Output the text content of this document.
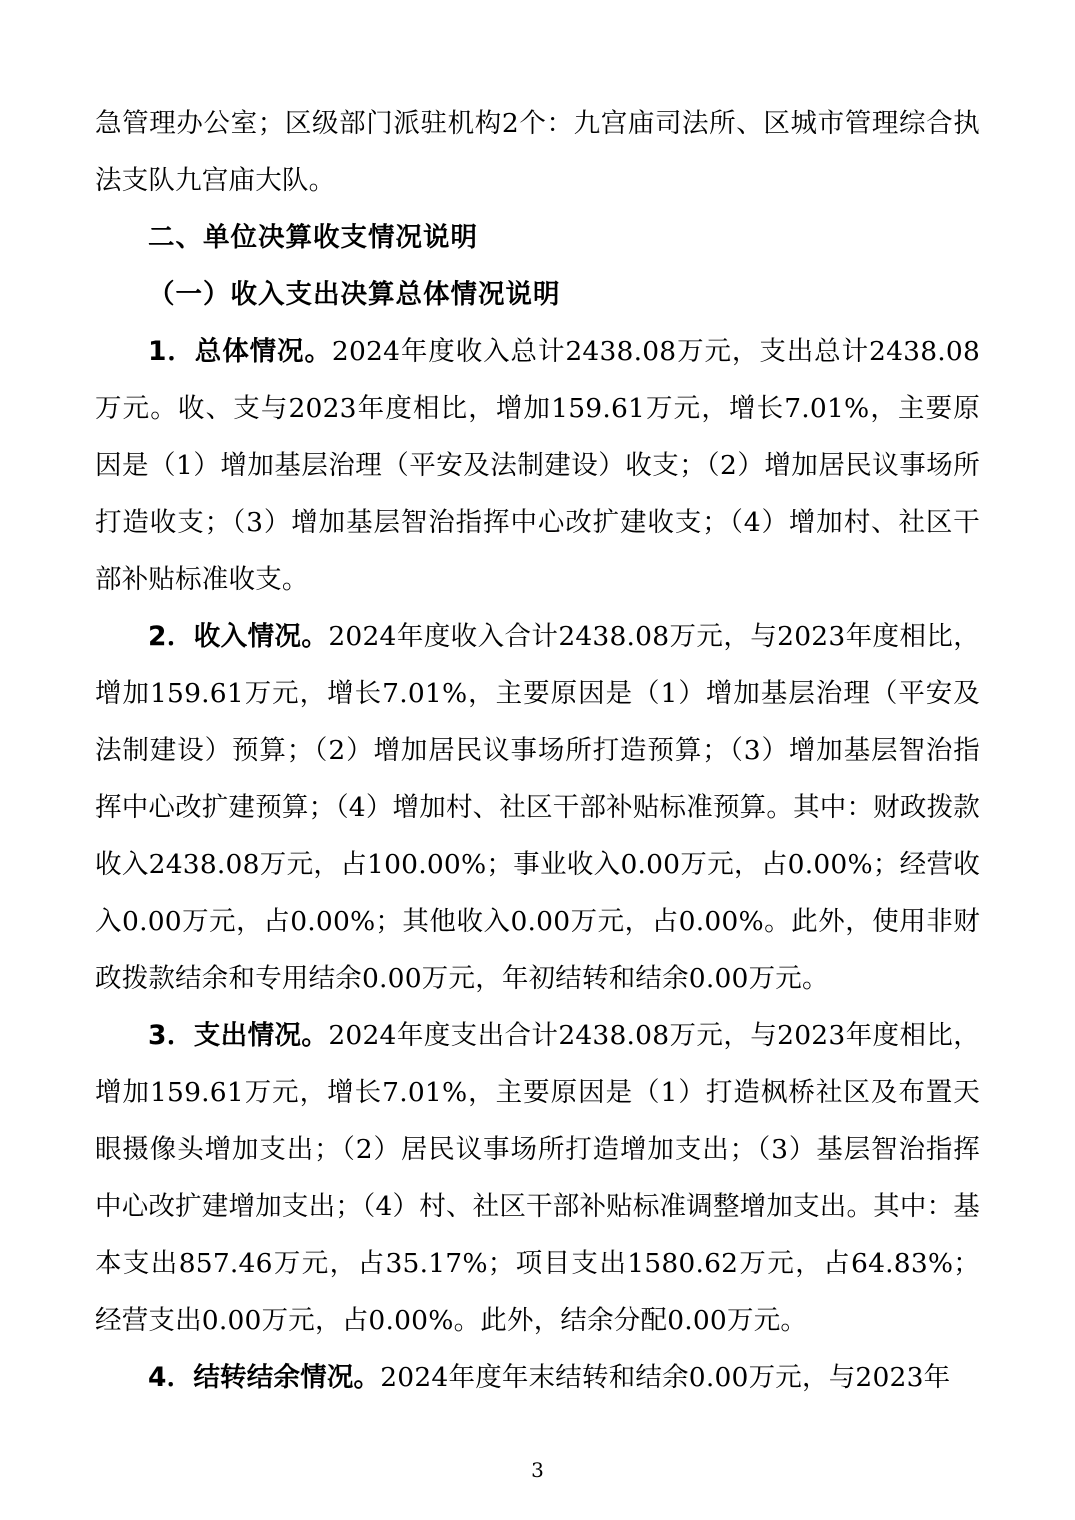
急管理办公室；区级部门派驻机构2个：九宫庙司法所、区城市管理综合执法支队九宫庙大队。

二、单位决算收支情况说明

（一）收入支出决算总体情况说明

1．总体情况。2024年度收入总计2438.08万元，支出总计2438.08万元。收、支与2023年度相比，增加159.61万元，增长7.01%，主要原因是（1）增加基层治理（平安及法制建设）收支；（2）增加居民议事场所打造收支；（3）增加基层智治指挥中心改扩建收支；（4）增加村、社区干部补贴标准收支。

2．收入情况。2024年度收入合计2438.08万元，与2023年度相比，增加159.61万元，增长7.01%，主要原因是（1）增加基层治理（平安及法制建设）预算；（2）增加居民议事场所打造预算；（3）增加基层智治指挥中心改扩建预算；（4）增加村、社区干部补贴标准预算。其中：财政拨款收入2438.08万元，占100.00%；事业收入0.00万元，占0.00%；经营收入0.00万元，占0.00%；其他收入0.00万元，占0.00%。此外，使用非财政拨款结余和专用结余0.00万元，年初结转和结余0.00万元。

3．支出情况。2024年度支出合计2438.08万元，与2023年度相比，增加159.61万元，增长7.01%，主要原因是（1）打造枫桥社区及布置天眼摄像头增加支出；（2）居民议事场所打造增加支出；（3）基层智治指挥中心改扩建增加支出；（4）村、社区干部补贴标准调整增加支出。其中：基本支出857.46万元，占35.17%；项目支出1580.62万元，占64.83%；经营支出0.00万元，占0.00%。此外，结余分配0.00万元。

4．结转结余情况。2024年度年末结转和结余0.00万元，与2023年

3
